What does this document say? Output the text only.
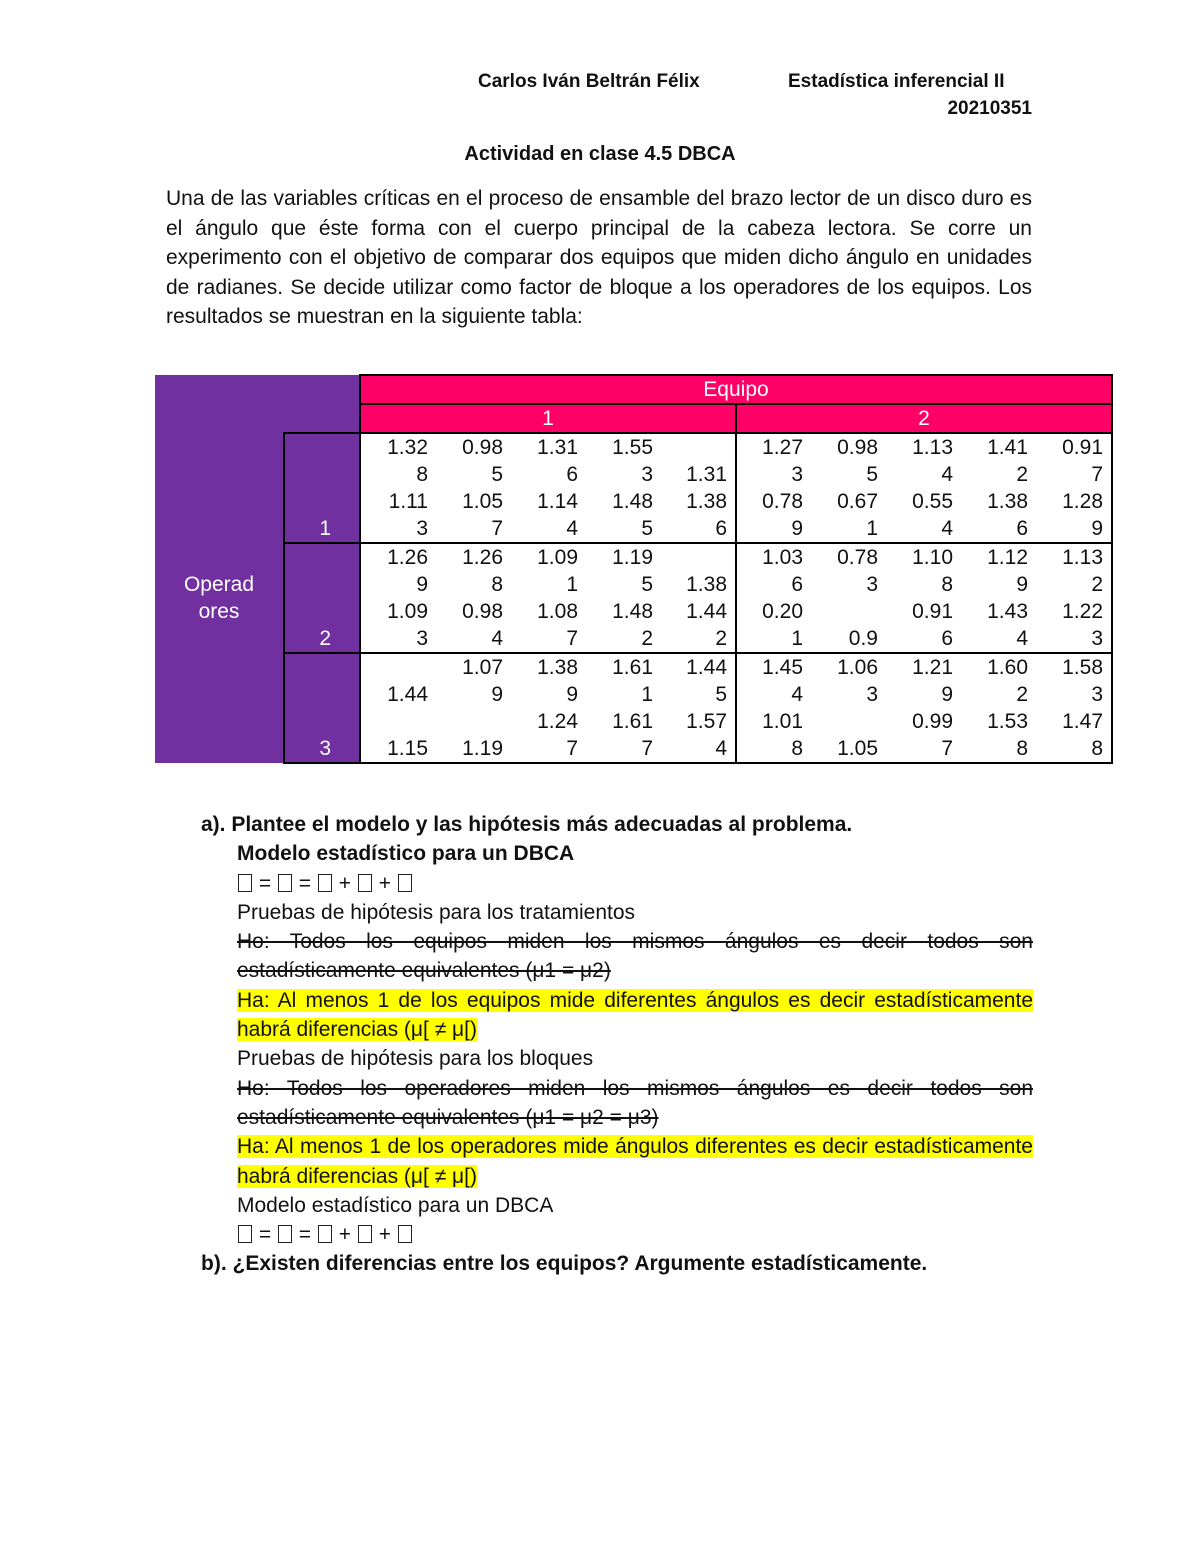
Carlos Iván Beltrán Félix	Estadística inferencial II
20210351
Actividad en clase 4.5 DBCA
Una de las variables críticas en el proceso de ensamble del brazo lector de un disco duro es el ángulo que éste forma con el cuerpo principal de la cabeza lectora. Se corre un experimento con el objetivo de comparar dos equipos que miden dicho ángulo en unidades de radianes. Se decide utilizar como factor de bloque a los operadores de los equipos. Los resultados se muestran en la siguiente tabla:
		Equipo									
		1					2				

Operad
ores	1	1.32	0.98	1.31	1.55		1.27	0.98	1.13	1.41	0.91
		8	5	6	3	1.31	3	5	4	2	7
		1.11	1.05	1.14	1.48	1.38	0.78	0.67	0.55	1.38	1.28
		3	7	4	5	6	9	1	4	6	9
	2	1.26	1.26	1.09	1.19		1.03	0.78	1.10	1.12	1.13
		9	8	1	5	1.38	6	3	8	9	2
		1.09	0.98	1.08	1.48	1.44	0.20		0.91	1.43	1.22
		3	4	7	2	2	1	0.9	6	4	3
	3		1.07	1.38	1.61	1.44	1.45	1.06	1.21	1.60	1.58
		1.44	9	9	1	5	4	3	9	2	3
				1.24	1.61	1.57	1.01		0.99	1.53	1.47
		1.15	1.19	7	7	4	8	1.05	7	8	8
a). Plantee el modelo y las hipótesis más adecuadas al problema.
Modelo estadístico para un DBCA
= = + +
Pruebas de hipótesis para los tratamientos
Ho: Todos los equipos miden los mismos ángulos es decir todos son estadísticamente equivalentes (μ1 = μ2)
Ha: Al menos 1 de los equipos mide diferentes ángulos es decir estadísticamente habrá diferencias (μ[ ≠ μ[)
Pruebas de hipótesis para los bloques
Ho: Todos los operadores miden los mismos ángulos es decir todos son estadísticamente equivalentes (μ1 = μ2 = μ3)
Ha: Al menos 1 de los operadores mide ángulos diferentes es decir estadísticamente habrá diferencias (μ[ ≠ μ[)
Modelo estadístico para un DBCA
= = + +
b). ¿Existen diferencias entre los equipos? Argumente estadísticamente.
